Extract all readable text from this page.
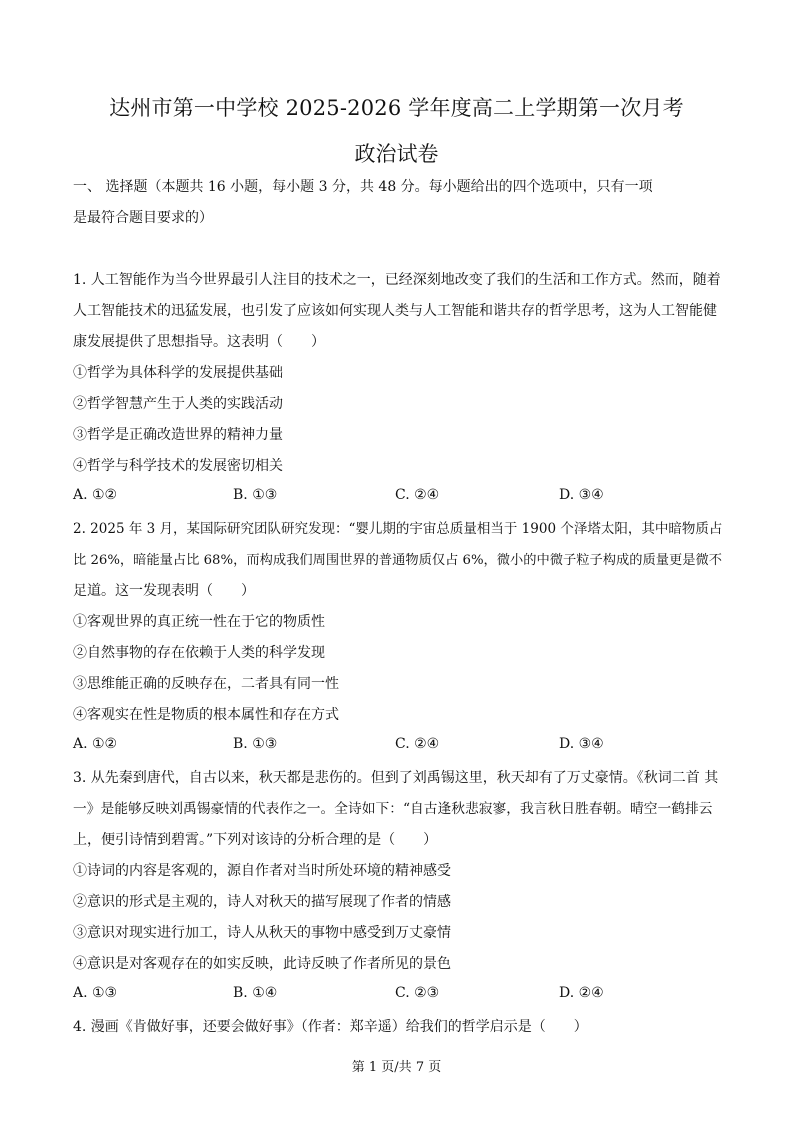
达州市第一中学校 2025-2026 学年度高二上学期第一次月考
政治试卷
一、 选择题（本题共 16 小题，每小题 3 分，共 48 分。每小题给出的四个选项中，只有一项
是最符合题目要求的）
1. 人工智能作为当今世界最引人注目的技术之一，已经深刻地改变了我们的生活和工作方式。然而，随着
人工智能技术的迅猛发展，也引发了应该如何实现人类与人工智能和谐共存的哲学思考，这为人工智能健
康发展提供了思想指导。这表明（　　）
①哲学为具体科学的发展提供基础
②哲学智慧产生于人类的实践活动
③哲学是正确改造世界的精神力量
④哲学与科学技术的发展密切相关
A. ①②	B. ①③	C. ②④	D. ③④
2. 2025 年 3 月，某国际研究团队研究发现：“婴儿期的宇宙总质量相当于 1900 个泽塔太阳，其中暗物质占
比 26%，暗能量占比 68%，而构成我们周围世界的普通物质仅占 6%，微小的中微子粒子构成的质量更是微不
足道。这一发现表明（　　）
①客观世界的真正统一性在于它的物质性
②自然事物的存在依赖于人类的科学发现
③思维能正确的反映存在，二者具有同一性
④客观实在性是物质的根本属性和存在方式
A. ①②	B. ①③	C. ②④	D. ③④
3. 从先秦到唐代，自古以来，秋天都是悲伤的。但到了刘禹锡这里，秋天却有了万丈豪情。《秋词二首 其
一》是能够反映刘禹锡豪情的代表作之一。全诗如下：“自古逢秋悲寂寥，我言秋日胜春朝。晴空一鹤排云
上，便引诗情到碧霄。”下列对该诗的分析合理的是（　　）
①诗词的内容是客观的，源自作者对当时所处环境的精神感受
②意识的形式是主观的，诗人对秋天的描写展现了作者的情感
③意识对现实进行加工，诗人从秋天的事物中感受到万丈豪情
④意识是对客观存在的如实反映，此诗反映了作者所见的景色
A. ①③	B. ①④	C. ②③	D. ②④
4. 漫画《肯做好事，还要会做好事》（作者：郑辛遥）给我们的哲学启示是（　　）
第 1 页/共 7 页
